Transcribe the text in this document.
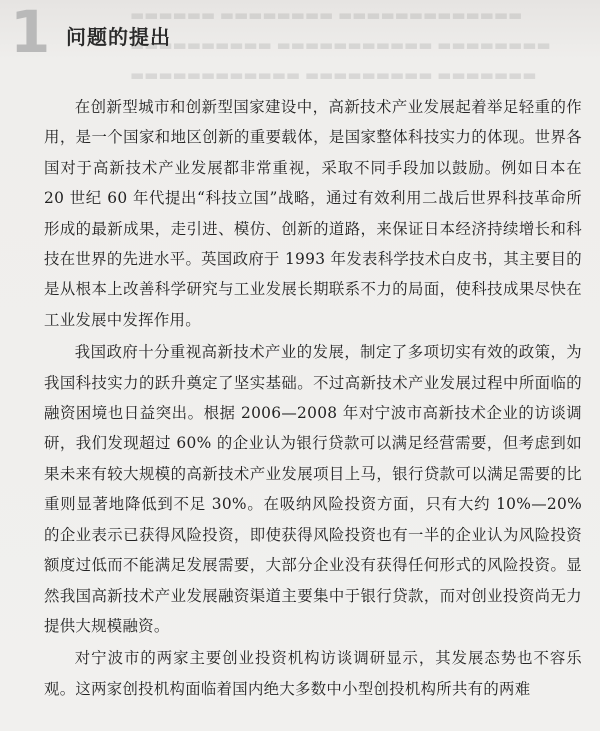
▬▬▬▬▬▬ ▬▬▬▬▬▬▬▬ ▬▬▬▬▬▬▬▬▬▬▬▬▬
▬▬▬▬▬▬▬▬▬▬ ▬▬▬▬▬▬▬▬▬▬▬ ▬▬▬▬▬▬▬▬
▬▬▬▬▬▬▬▬▬▬▬▬ ▬▬▬▬▬▬▬▬▬ ▬▬▬▬▬▬▬
1 问题的提出

在创新型城市和创新型国家建设中，高新技术产业发展起着举足轻重的作用，是一个国家和地区创新的重要载体，是国家整体科技实力的体现。世界各国对于高新技术产业发展都非常重视，采取不同手段加以鼓励。例如日本在 20 世纪 60 年代提出“科技立国”战略，通过有效利用二战后世界科技革命所形成的最新成果，走引进、模仿、创新的道路，来保证日本经济持续增长和科技在世界的先进水平。英国政府于 1993 年发表科学技术白皮书，其主要目的是从根本上改善科学研究与工业发展长期联系不力的局面，使科技成果尽快在工业发展中发挥作用。

我国政府十分重视高新技术产业的发展，制定了多项切实有效的政策，为我国科技实力的跃升奠定了坚实基础。不过高新技术产业发展过程中所面临的融资困境也日益突出。根据 2006—2008 年对宁波市高新技术企业的访谈调研，我们发现超过 60% 的企业认为银行贷款可以满足经营需要，但考虑到如果未来有较大规模的高新技术产业发展项目上马，银行贷款可以满足需要的比重则显著地降低到不足 30%。在吸纳风险投资方面，只有大约 10%—20% 的企业表示已获得风险投资，即使获得风险投资也有一半的企业认为风险投资额度过低而不能满足发展需要，大部分企业没有获得任何形式的风险投资。显然我国高新技术产业发展融资渠道主要集中于银行贷款，而对创业投资尚无力提供大规模融资。

对宁波市的两家主要创业投资机构访谈调研显示，其发展态势也不容乐观。这两家创投机构面临着国内绝大多数中小型创投机构所共有的两难
